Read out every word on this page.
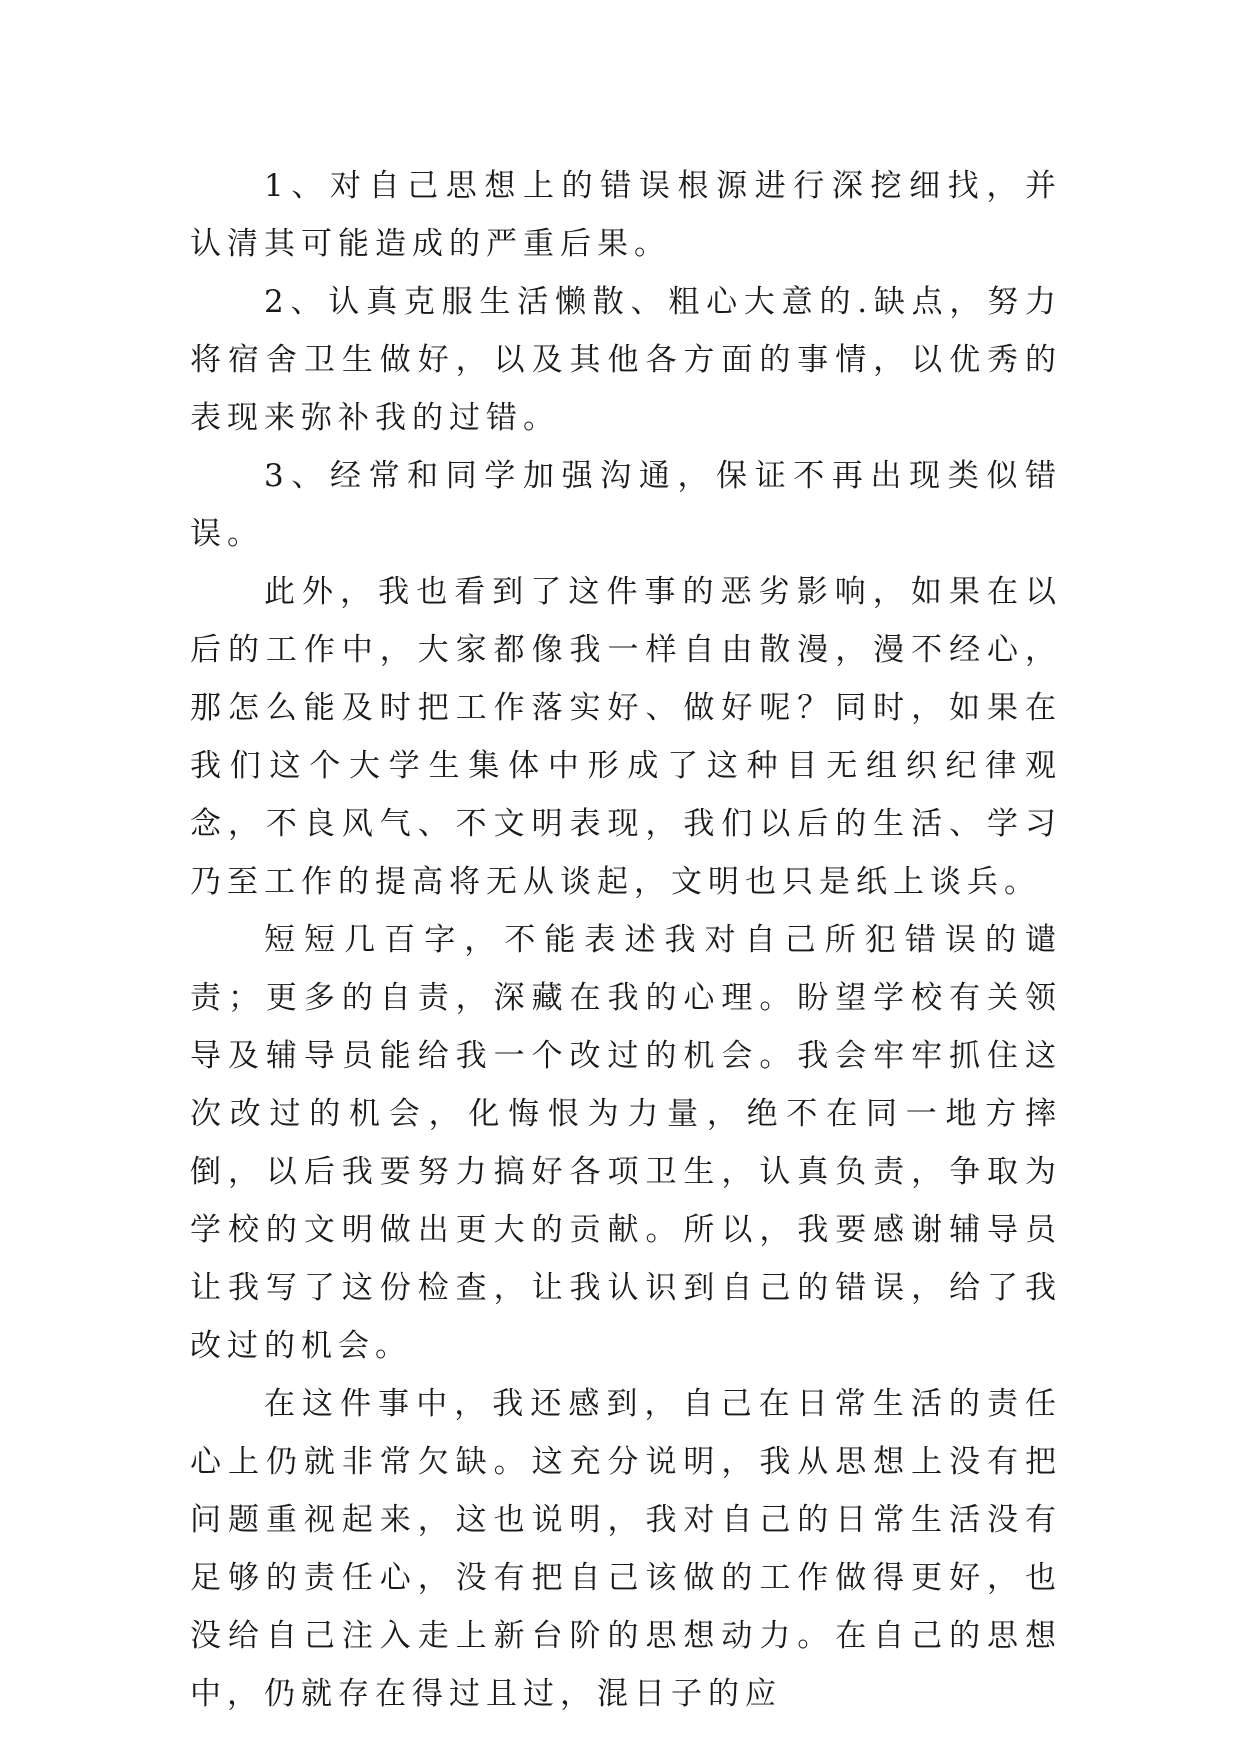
1、对自己思想上的错误根源进行深挖细找，并认清其可能造成的严重后果。

2、认真克服生活懒散、粗心大意的.缺点，努力将宿舍卫生做好，以及其他各方面的事情，以优秀的表现来弥补我的过错。

3、经常和同学加强沟通，保证不再出现类似错误。

此外，我也看到了这件事的恶劣影响，如果在以后的工作中，大家都像我一样自由散漫，漫不经心，那怎么能及时把工作落实好、做好呢？同时，如果在我们这个大学生集体中形成了这种目无组织纪律观念，不良风气、不文明表现，我们以后的生活、学习乃至工作的提高将无从谈起，文明也只是纸上谈兵。

短短几百字，不能表述我对自己所犯错误的谴责；更多的自责，深藏在我的心理。盼望学校有关领导及辅导员能给我一个改过的机会。我会牢牢抓住这次改过的机会，化悔恨为力量，绝不在同一地方摔倒，以后我要努力搞好各项卫生，认真负责，争取为学校的文明做出更大的贡献。所以，我要感谢辅导员让我写了这份检查，让我认识到自己的错误，给了我改过的机会。

在这件事中，我还感到，自己在日常生活的责任心上仍就非常欠缺。这充分说明，我从思想上没有把问题重视起来，这也说明，我对自己的日常生活没有足够的责任心，没有把自己该做的工作做得更好，也没给自己注入走上新台阶的思想动力。在自己的思想中，仍就存在得过且过，混日子的应
